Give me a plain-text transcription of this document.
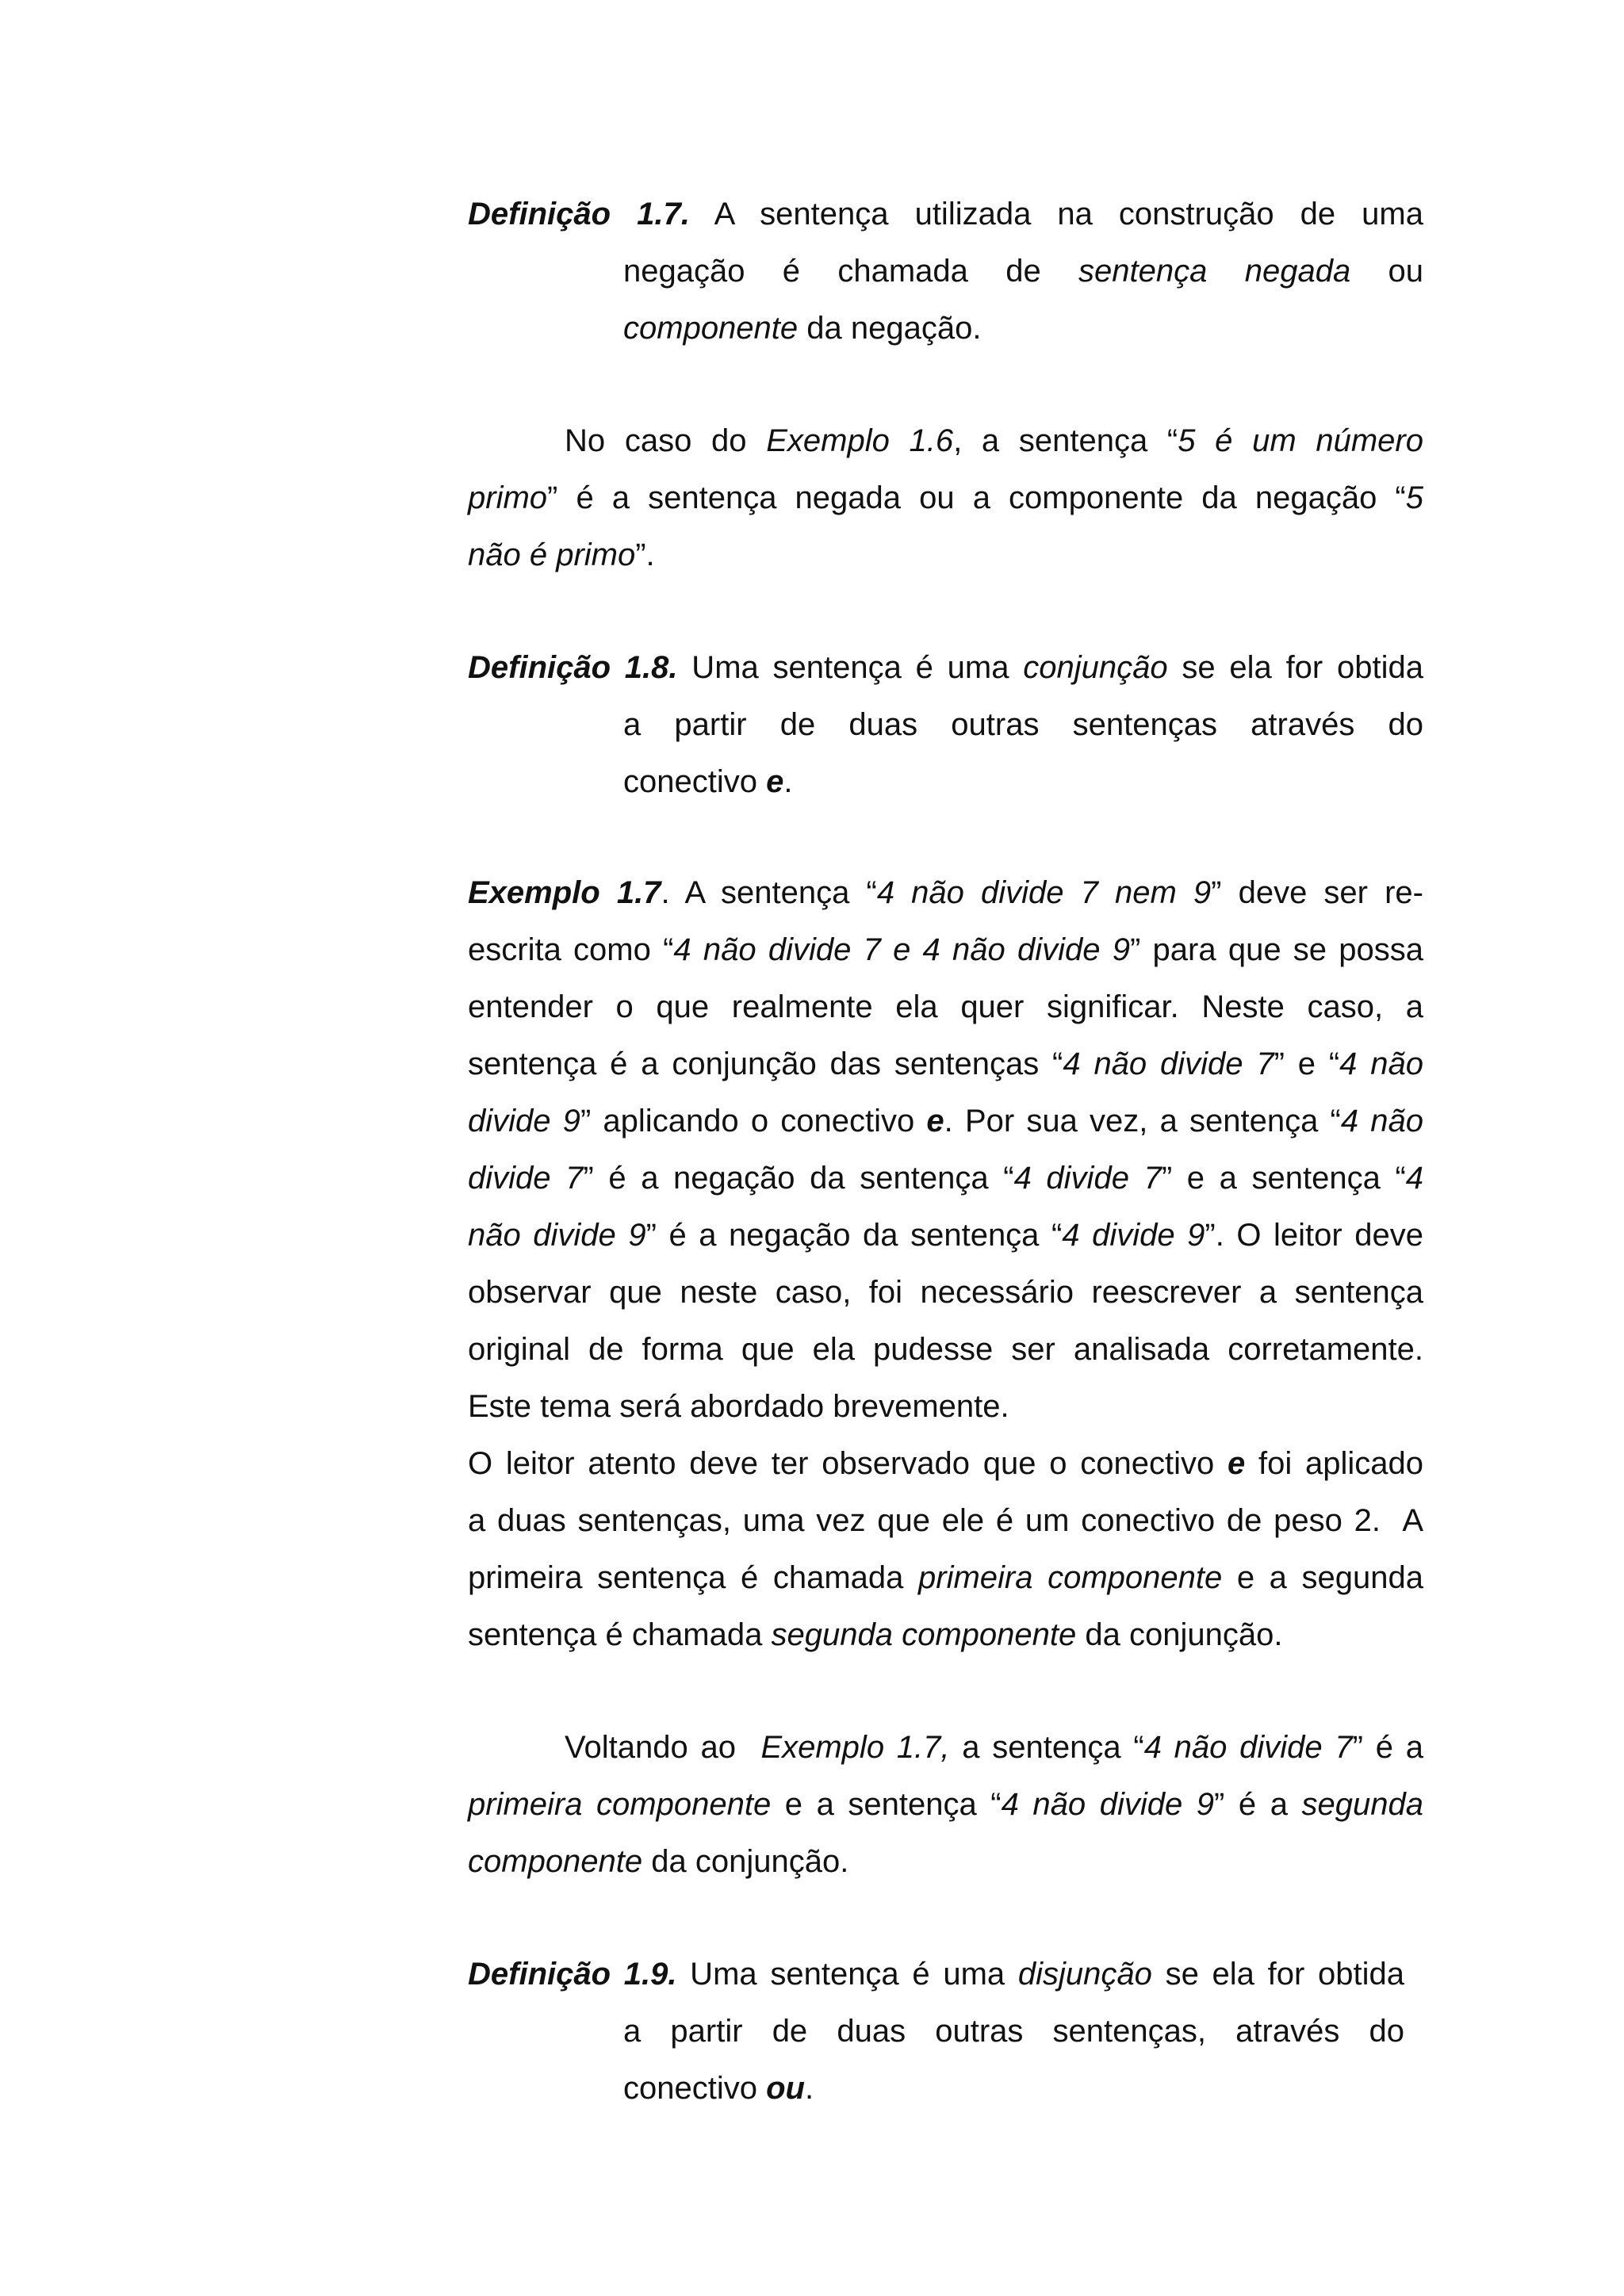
Definição 1.7. A sentença utilizada na construção de uma
negação é chamada de sentença negada ou
componente da negação.
No caso do Exemplo 1.6, a sentença “5 é um número
primo” é a sentença negada ou a componente da negação “5
não é primo”.
Definição 1.8. Uma sentença é uma conjunção se ela for obtida
a partir de duas outras sentenças através do
conectivo e.
Exemplo 1.7. A sentença “4 não divide 7 nem 9” deve ser re-
escrita como “4 não divide 7 e 4 não divide 9” para que se possa
entender o que realmente ela quer significar. Neste caso, a
sentença é a conjunção das sentenças “4 não divide 7” e “4 não
divide 9” aplicando o conectivo e. Por sua vez, a sentença “4 não
divide 7” é a negação da sentença “4 divide 7” e a sentença “4
não divide 9” é a negação da sentença “4 divide 9”. O leitor deve
observar que neste caso, foi necessário reescrever a sentença
original de forma que ela pudesse ser analisada corretamente.
Este tema será abordado brevemente.
O leitor atento deve ter observado que o conectivo e foi aplicado
a duas sentenças, uma vez que ele é um conectivo de peso 2.  A
primeira sentença é chamada primeira componente e a segunda
sentença é chamada segunda componente da conjunção.
Voltando ao  Exemplo 1.7, a sentença “4 não divide 7” é a
primeira componente e a sentença “4 não divide 9” é a segunda
componente da conjunção.
Definição 1.9. Uma sentença é uma disjunção se ela for obtida
a partir de duas outras sentenças, através do
conectivo ou.
